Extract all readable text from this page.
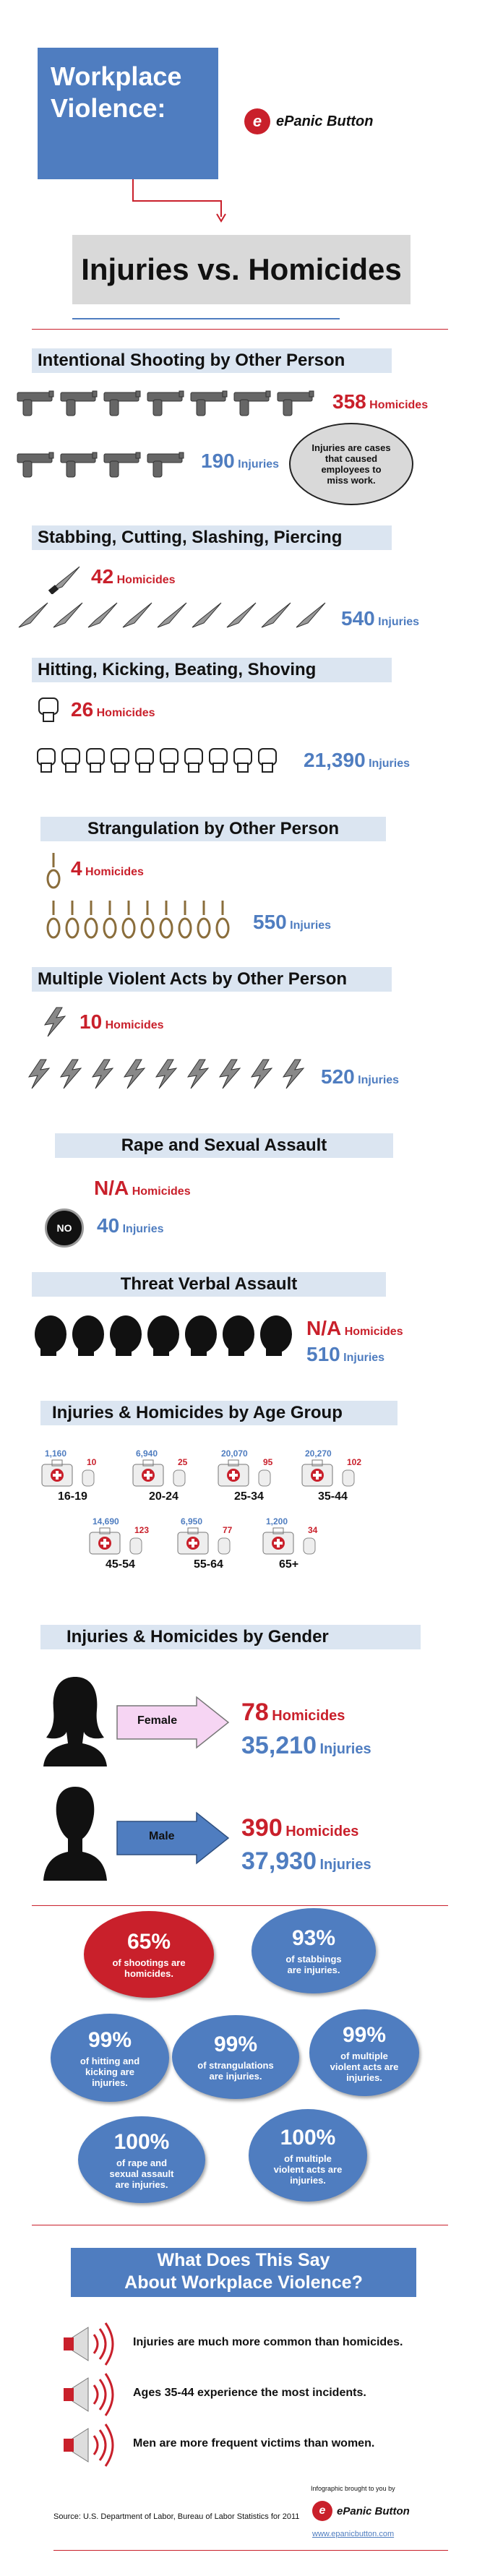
Workplace
Violence:	e ePanic Button
Injuries vs. Homicides
Intentional Shooting by Other Person
358 Homicides
190 Injuries
Injuries are cases that caused employees to miss work.
Stabbing, Cutting, Slashing, Piercing
42 Homicides
540 Injuries
Hitting, Kicking, Beating, Shoving
26 Homicides
21,390 Injuries
Strangulation by Other Person
4 Homicides
550 Injuries
Multiple Violent Acts by Other Person
10 Homicides
520 Injuries
Rape and Sexual Assault
N/A Homicides
NO 40 Injuries
Threat Verbal Assault
N/A Homicides
510 Injuries
Injuries & Homicides by Age Group
1,160
10
16-19
6,940
25
20-24
20,070
95
25-34
20,270
102
35-44
14,690
123
45-54
6,950
77
55-64
1,200
34
65+
Injuries & Homicides by Gender
Female	78 Homicides
35,210 Injuries
Male	390 Homicides
37,930 Injuries
65%
of shootings are homicides.
93%
of stabbings are injuries.
99%
of hitting and kicking are injuries.
99%
of strangulations are injuries.
99%
of multiple violent acts are injuries.
100%
of rape and sexual assault are injuries.
100%
of multiple violent acts are injuries.
What Does This Say
About Workplace Violence?
Injuries are much more common than homicides.
Ages 35-44 experience the most incidents.
Men are more frequent victims than women.
Infographic brought to you by
Source: U.S. Department of Labor, Bureau of Labor Statistics for 2011	e	ePanic Button
www.epanicbutton.com
